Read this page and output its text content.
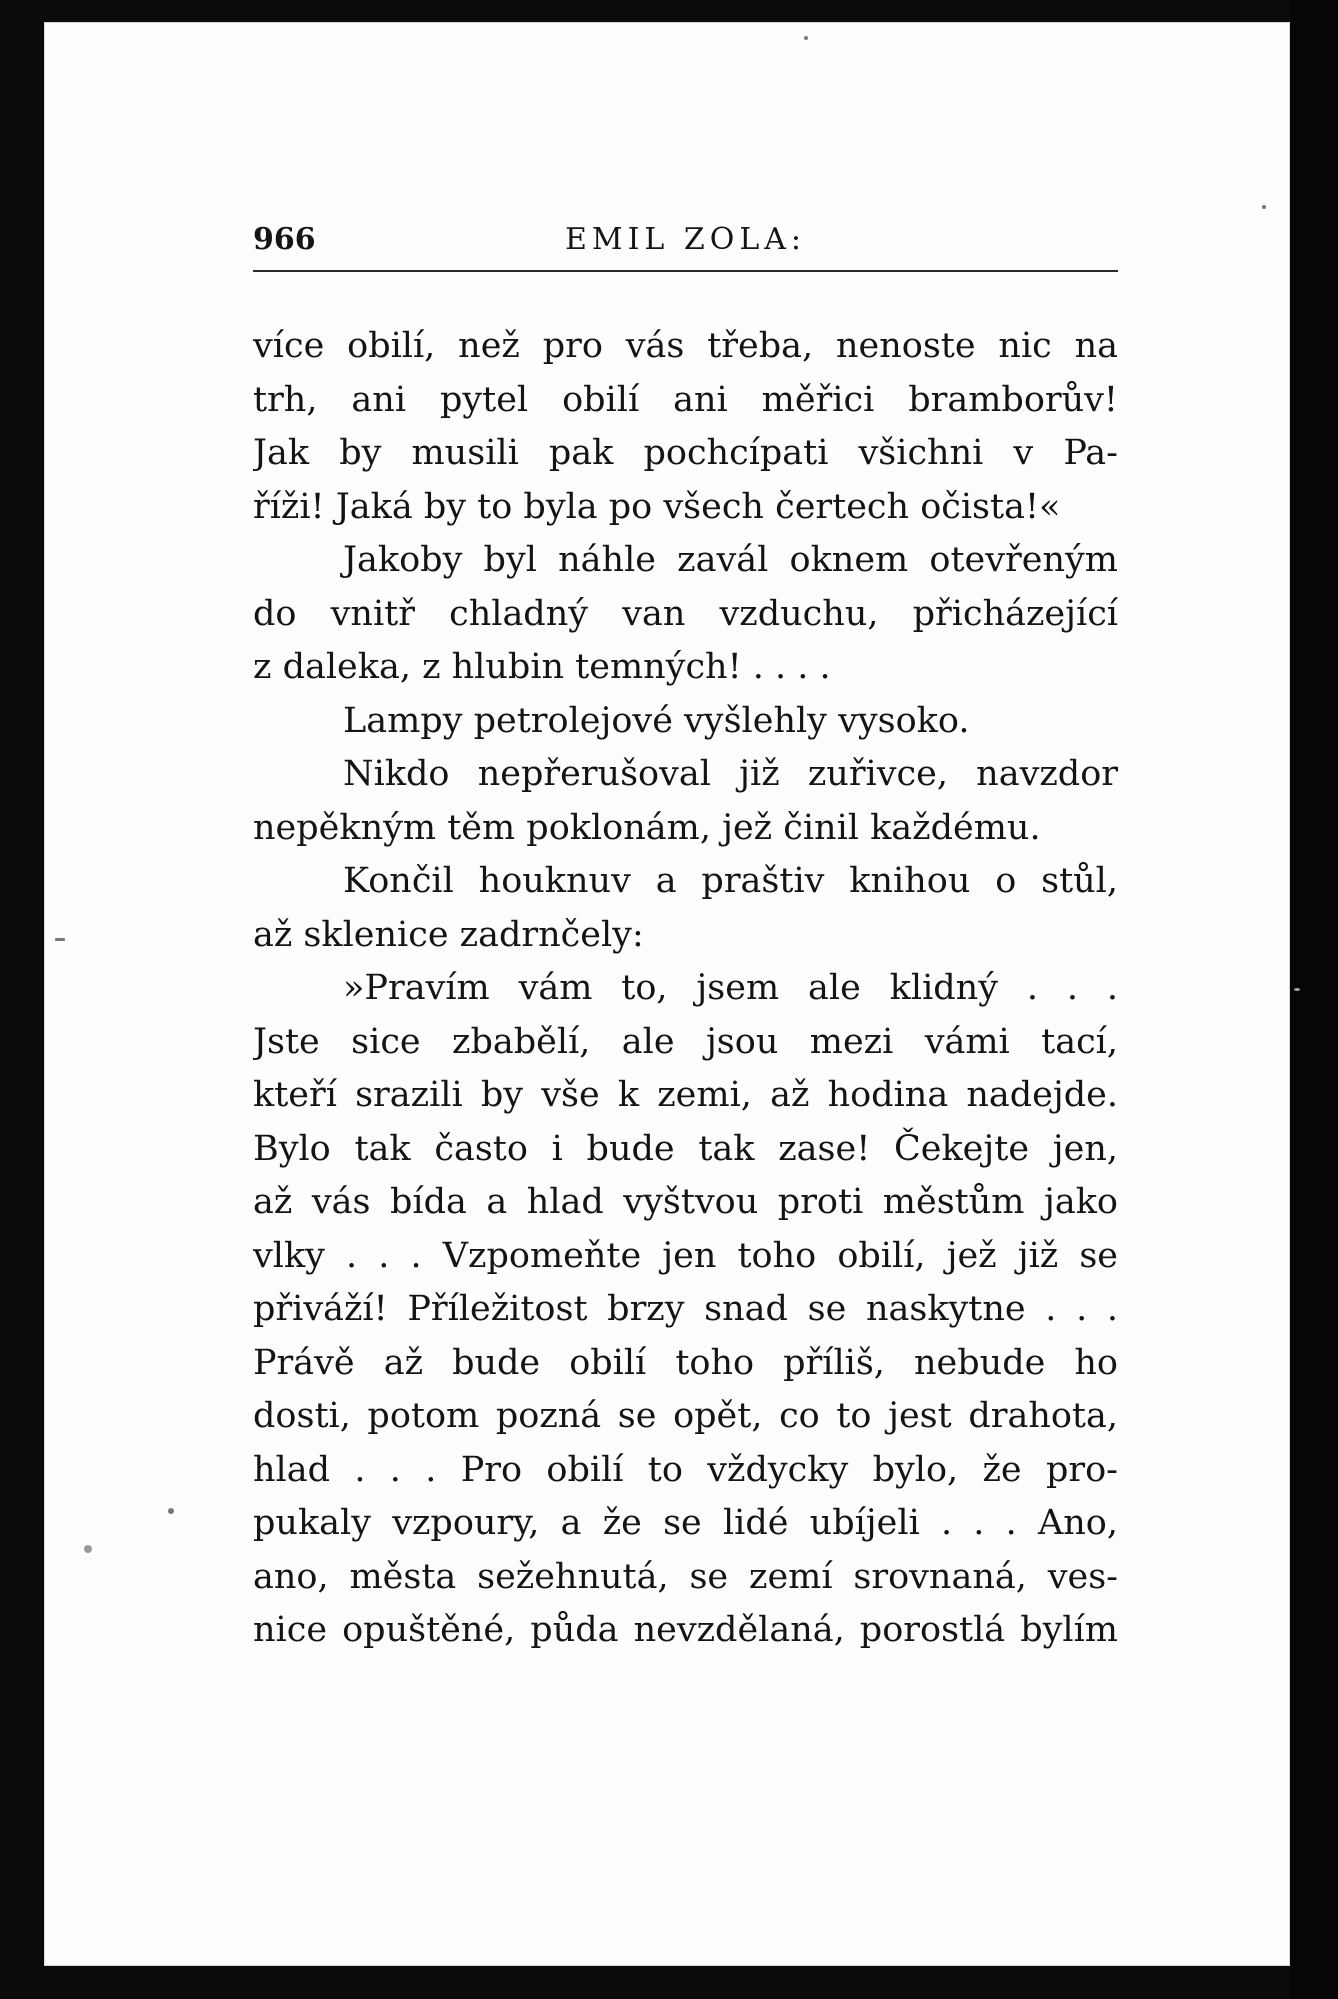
966	EMIL ZOLA:
více obilí, než pro vás třeba, nenoste nic na
trh, ani pytel obilí ani měřici bramborův!
Jak by musili pak pochcípati všichni v Pa-
říži! Jaká by to byla po všech čertech očista!«
Jakoby byl náhle zavál oknem otevřeným
do vnitř chladný van vzduchu, přicházející
z daleka, z hlubin temných! . . . .
Lampy petrolejové vyšlehly vysoko.
Nikdo nepřerušoval již zuřivce, navzdor
nepěkným těm poklonám, jež činil každému.
Končil houknuv a praštiv knihou o stůl,
až sklenice zadrnčely:
»Pravím vám to, jsem ale klidný . . .
Jste sice zbabělí, ale jsou mezi vámi tací,
kteří srazili by vše k zemi, až hodina nadejde.
Bylo tak často i bude tak zase! Čekejte jen,
až vás bída a hlad vyštvou proti městům jako
vlky . . . Vzpomeňte jen toho obilí, jež již se
přiváží! Příležitost brzy snad se naskytne . . .
Právě až bude obilí toho příliš, nebude ho
dosti, potom pozná se opět, co to jest drahota,
hlad . . . Pro obilí to vždycky bylo, že pro-
pukaly vzpoury, a že se lidé ubíjeli . . . Ano,
ano, města sežehnutá, se zemí srovnaná, ves-
nice opuštěné, půda nevzdělaná, porostlá bylím
